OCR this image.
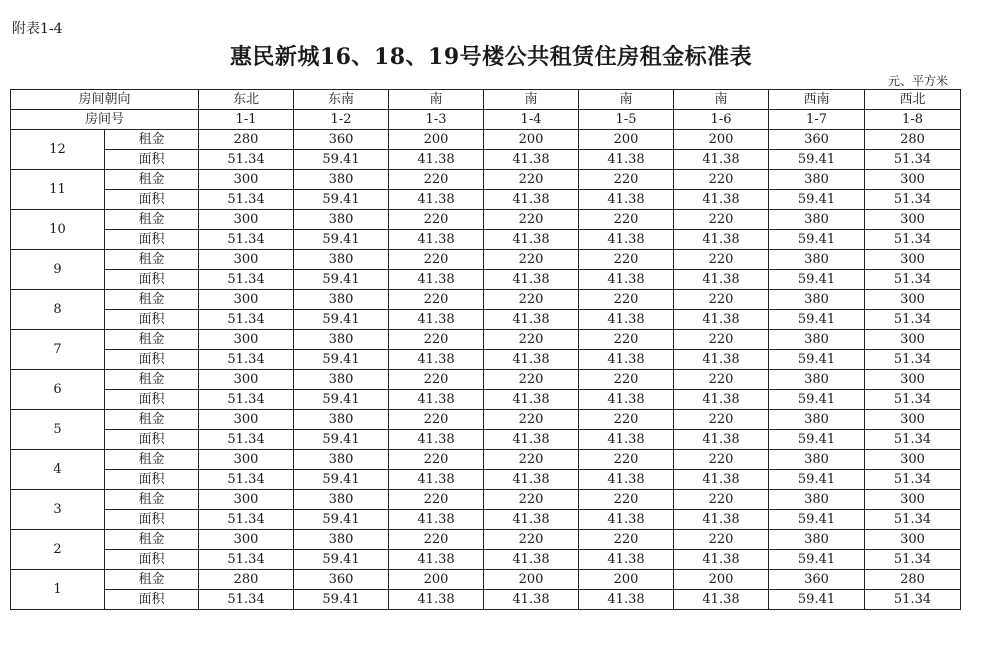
附表1-4
惠民新城16、18、19号楼公共租赁住房租金标准表
元、平方米
房间朝向		东北	东南	南	南	南	南	西南	西北
房间号		1-1	1-2	1-3	1-4	1-5	1-6	1-7	1-8
12	租金	280	360	200	200	200	200	360	280
	面积	51.34	59.41	41.38	41.38	41.38	41.38	59.41	51.34
11	租金	300	380	220	220	220	220	380	300
	面积	51.34	59.41	41.38	41.38	41.38	41.38	59.41	51.34
10	租金	300	380	220	220	220	220	380	300
	面积	51.34	59.41	41.38	41.38	41.38	41.38	59.41	51.34
9	租金	300	380	220	220	220	220	380	300
	面积	51.34	59.41	41.38	41.38	41.38	41.38	59.41	51.34
8	租金	300	380	220	220	220	220	380	300
	面积	51.34	59.41	41.38	41.38	41.38	41.38	59.41	51.34
7	租金	300	380	220	220	220	220	380	300
	面积	51.34	59.41	41.38	41.38	41.38	41.38	59.41	51.34
6	租金	300	380	220	220	220	220	380	300
	面积	51.34	59.41	41.38	41.38	41.38	41.38	59.41	51.34
5	租金	300	380	220	220	220	220	380	300
	面积	51.34	59.41	41.38	41.38	41.38	41.38	59.41	51.34
4	租金	300	380	220	220	220	220	380	300
	面积	51.34	59.41	41.38	41.38	41.38	41.38	59.41	51.34
3	租金	300	380	220	220	220	220	380	300
	面积	51.34	59.41	41.38	41.38	41.38	41.38	59.41	51.34
2	租金	300	380	220	220	220	220	380	300
	面积	51.34	59.41	41.38	41.38	41.38	41.38	59.41	51.34
1	租金	280	360	200	200	200	200	360	280
	面积	51.34	59.41	41.38	41.38	41.38	41.38	59.41	51.34
